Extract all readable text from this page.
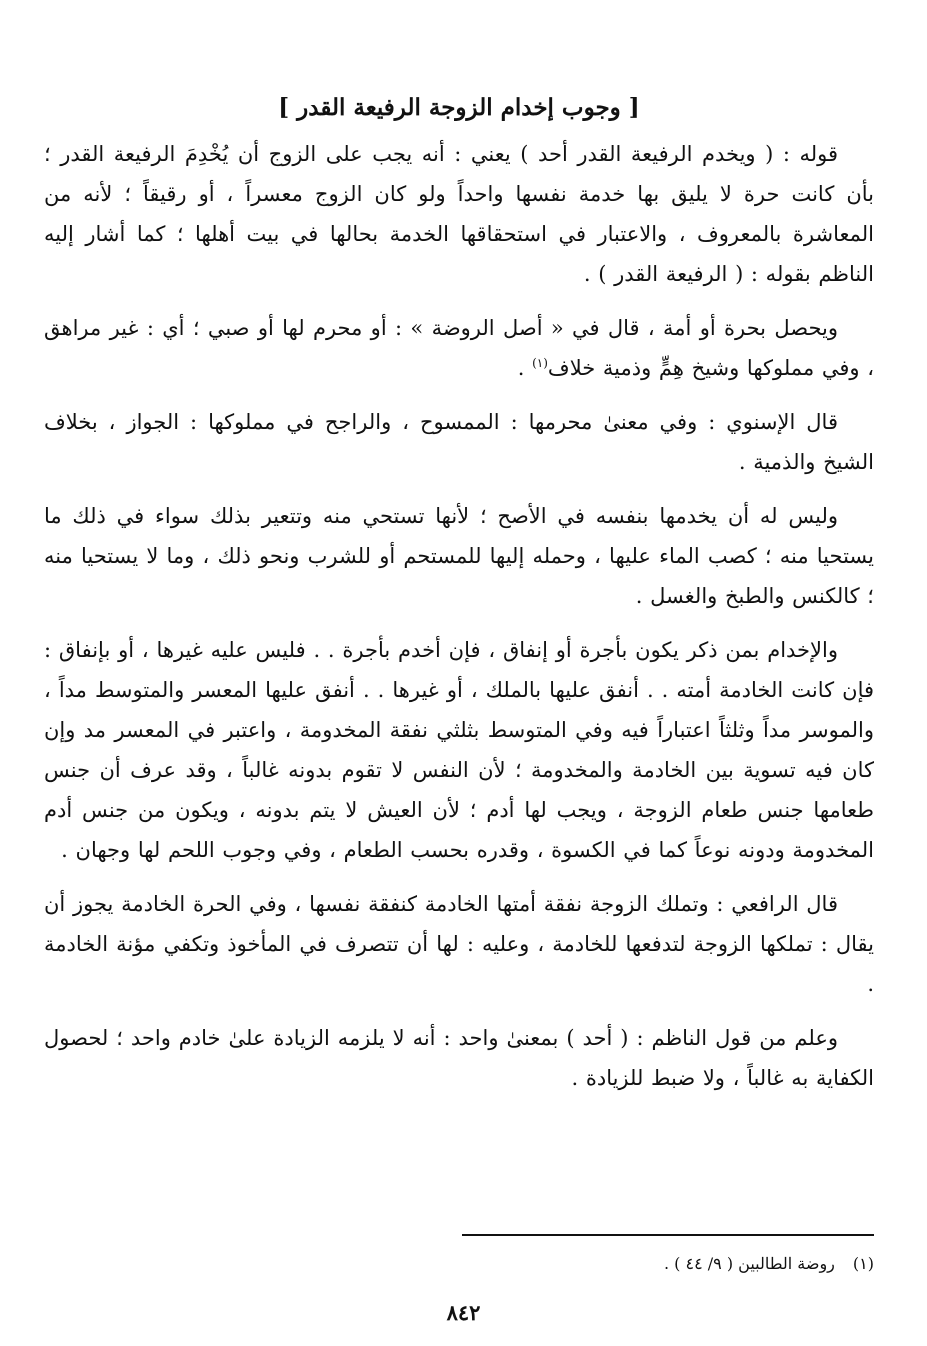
[ وجوب إخدام الزوجة الرفيعة القدر ]

قوله : ( ويخدم الرفيعة القدر أحد ) يعني : أنه يجب على الزوج أن يُخْدِمَ الرفيعة القدر ؛ بأن كانت حرة لا يليق بها خدمة نفسها واحداً ولو كان الزوج معسراً ، أو رقيقاً ؛ لأنه من المعاشرة بالمعروف ، والاعتبار في استحقاقها الخدمة بحالها في بيت أهلها ؛ كما أشار إليه الناظم بقوله : ( الرفيعة القدر ) .

ويحصل بحرة أو أمة ، قال في « أصل الروضة » : أو محرم لها أو صبي ؛ أي : غير مراهق ، وفي مملوكها وشيخ هِمٍّ وذمية خلاف$^{(١)}$ .

قال الإسنوي : وفي معنىٰ محرمها : الممسوح ، والراجح في مملوكها : الجواز ، بخلاف الشيخ والذمية .

وليس له أن يخدمها بنفسه في الأصح ؛ لأنها تستحي منه وتتعير بذلك سواء في ذلك ما يستحيا منه ؛ كصب الماء عليها ، وحمله إليها للمستحم أو للشرب ونحو ذلك ، وما لا يستحيا منه ؛ كالكنس والطبخ والغسل .

والإخدام بمن ذكر يكون بأجرة أو إنفاق ، فإن أخدم بأجرة . . فليس عليه غيرها ، أو بإنفاق : فإن كانت الخادمة أمته . . أنفق عليها بالملك ، أو غيرها . . أنفق عليها المعسر والمتوسط مداً ، والموسر مداً وثلثاً اعتباراً فيه وفي المتوسط بثلثي نفقة المخدومة ، واعتبر في المعسر مد وإن كان فيه تسوية بين الخادمة والمخدومة ؛ لأن النفس لا تقوم بدونه غالباً ، وقد عرف أن جنس طعامها جنس طعام الزوجة ، ويجب لها أدم ؛ لأن العيش لا يتم بدونه ، ويكون من جنس أدم المخدومة ودونه نوعاً كما في الكسوة ، وقدره بحسب الطعام ، وفي وجوب اللحم لها وجهان .

قال الرافعي : وتملك الزوجة نفقة أمتها الخادمة كنفقة نفسها ، وفي الحرة الخادمة يجوز أن يقال : تملكها الزوجة لتدفعها للخادمة ، وعليه : لها أن تتصرف في المأخوذ وتكفي مؤنة الخادمة .

وعلم من قول الناظم : ( أحد ) بمعنىٰ واحد : أنه لا يلزمه الزيادة علىٰ خادم واحد ؛ لحصول الكفاية به غالباً ، ولا ضبط للزيادة .

(١)روضة الطالبين ( ٩/ ٤٤ ) .
٨٤٢
